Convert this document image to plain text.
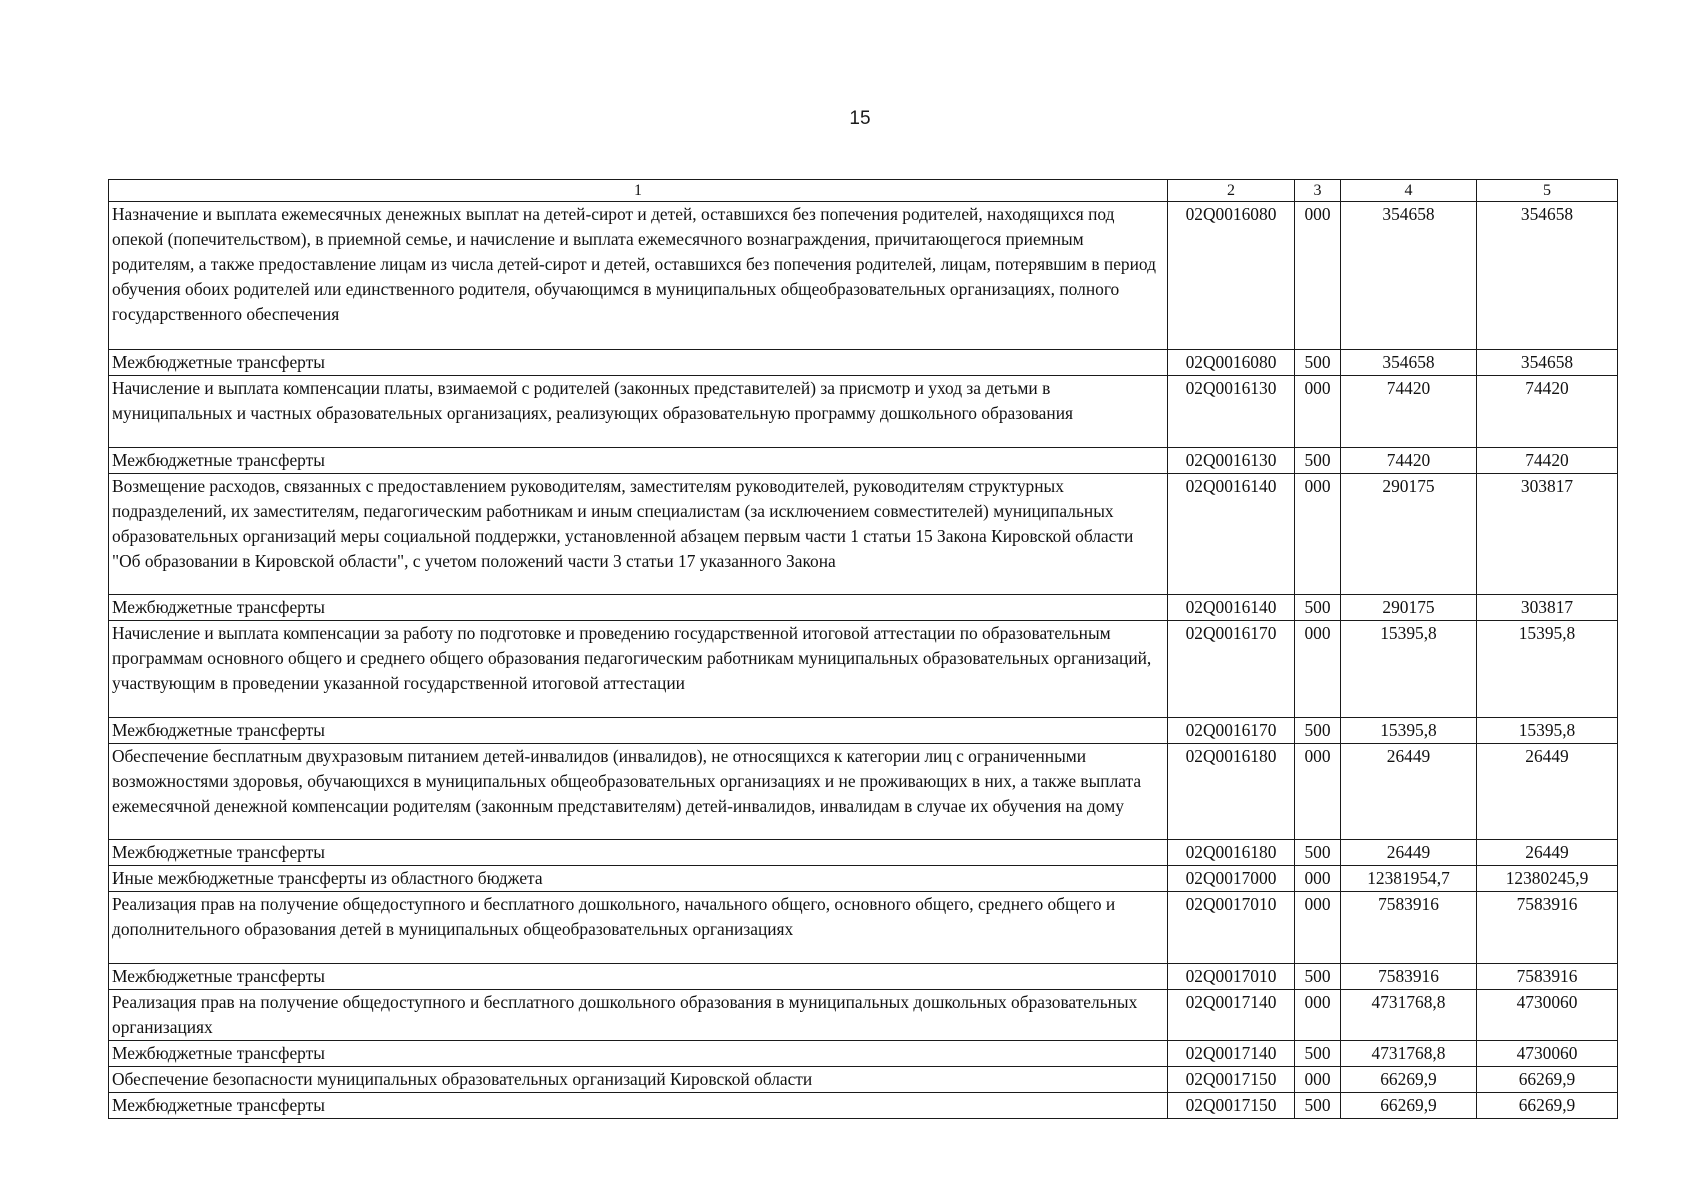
15
1	2	3	4	5
Назначение и выплата ежемесячных денежных выплат на детей-сирот и детей, оставшихся без попечения родителей, находящихся под опекой (попечительством), в приемной семье, и начисление и выплата ежемесячного вознаграждения, причитающегося приемным родителям, а также предоставление лицам из числа детей-сирот и детей, оставшихся без попечения родителей, лицам, потерявшим в период обучения обоих родителей или единственного родителя, обучающимся в муниципальных общеобразовательных организациях, полного государственного обеспечения	02Q0016080	000	354658	354658
Межбюджетные трансферты	02Q0016080	500	354658	354658
Начисление и выплата компенсации платы, взимаемой с родителей (законных представителей) за присмотр и уход за детьми в муниципальных и частных образовательных организациях, реализующих образовательную программу дошкольного образования	02Q0016130	000	74420	74420
Межбюджетные трансферты	02Q0016130	500	74420	74420
Возмещение расходов, связанных с предоставлением руководителям, заместителям руководителей, руководителям структурных подразделений, их заместителям, педагогическим работникам и иным специалистам (за исключением совместителей) муниципальных образовательных организаций меры социальной поддержки, установленной абзацем первым части 1 статьи 15 Закона Кировской области "Об образовании в Кировской области", с учетом положений части 3 статьи 17 указанного Закона	02Q0016140	000	290175	303817
Межбюджетные трансферты	02Q0016140	500	290175	303817
Начисление и выплата компенсации за работу по подготовке и проведению государственной итоговой аттестации по образовательным программам основного общего и среднего общего образования педагогическим работникам муниципальных образовательных организаций, участвующим в проведении указанной государственной итоговой аттестации	02Q0016170	000	15395,8	15395,8
Межбюджетные трансферты	02Q0016170	500	15395,8	15395,8
Обеспечение бесплатным двухразовым питанием детей-инвалидов (инвалидов), не относящихся к категории лиц с ограниченными возможностями здоровья, обучающихся в муниципальных общеобразовательных организациях и не проживающих в них, а также выплата ежемесячной денежной компенсации родителям (законным представителям) детей-инвалидов, инвалидам в случае их обучения на дому	02Q0016180	000	26449	26449
Межбюджетные трансферты	02Q0016180	500	26449	26449
Иные межбюджетные трансферты из областного бюджета	02Q0017000	000	12381954,7	12380245,9
Реализация прав на получение общедоступного и бесплатного дошкольного, начального общего, основного общего, среднего общего и дополнительного образования детей в муниципальных общеобразовательных организациях	02Q0017010	000	7583916	7583916
Межбюджетные трансферты	02Q0017010	500	7583916	7583916
Реализация прав на получение общедоступного и бесплатного дошкольного образования в муниципальных дошкольных образовательных организациях	02Q0017140	000	4731768,8	4730060
Межбюджетные трансферты	02Q0017140	500	4731768,8	4730060
Обеспечение безопасности муниципальных образовательных организаций Кировской области	02Q0017150	000	66269,9	66269,9
Межбюджетные трансферты	02Q0017150	500	66269,9	66269,9
